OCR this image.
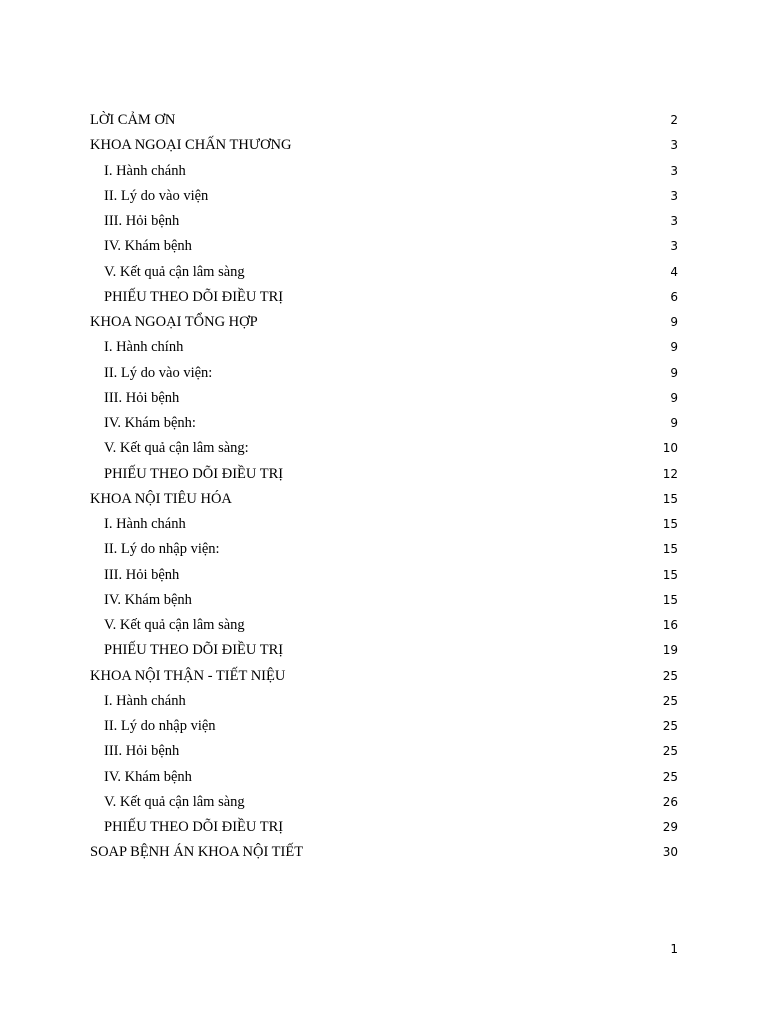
LỜI CẢM ƠN	2
KHOA NGOẠI CHẤN THƯƠNG	3
I. Hành chánh	3
II. Lý do vào viện	3
III. Hỏi bệnh	3
IV. Khám bệnh	3
V. Kết quả cận lâm sàng	4
PHIẾU THEO DÕI ĐIỀU TRỊ	6
KHOA NGOẠI TỔNG HỢP	9
I. Hành chính	9
II. Lý do vào viện:	9
III. Hỏi bệnh	9
IV. Khám bệnh:	9
V. Kết quả cận lâm sàng:	10
PHIẾU THEO DÕI ĐIỀU TRỊ	12
KHOA NỘI TIÊU HÓA	15
I. Hành chánh	15
II. Lý do nhập viện:	15
III. Hỏi bệnh	15
IV. Khám bệnh	15
V. Kết quả cận lâm sàng	16
PHIẾU THEO DÕI ĐIỀU TRỊ	19
KHOA NỘI THẬN - TIẾT NIỆU	25
I. Hành chánh	25
II. Lý do nhập viện	25
III. Hỏi bệnh	25
IV. Khám bệnh	25
V. Kết quả cận lâm sàng	26
PHIẾU THEO DÕI ĐIỀU TRỊ	29
SOAP BỆNH ÁN KHOA NỘI TIẾT	30
1
